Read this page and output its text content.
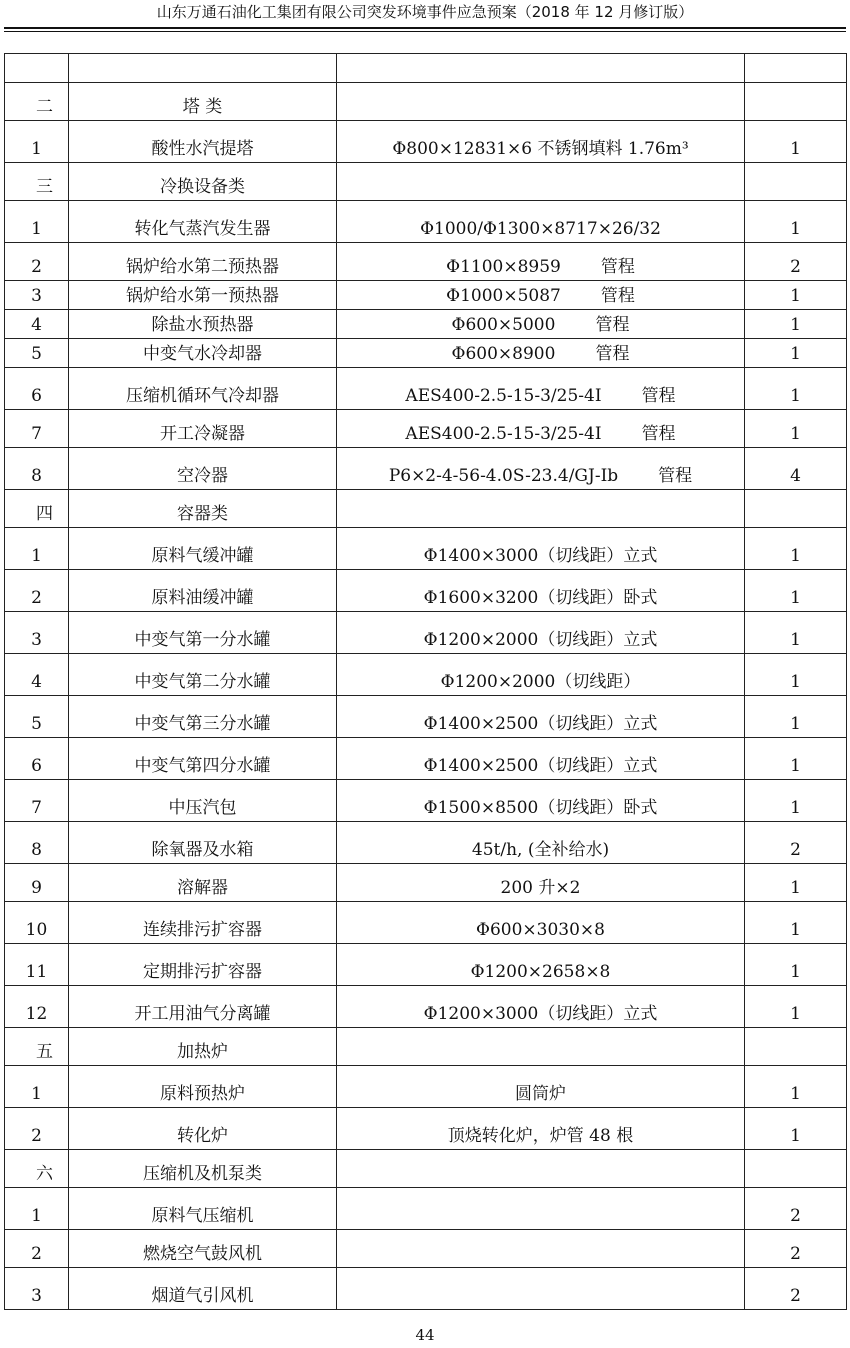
山东万通石油化工集团有限公司突发环境事件应急预案（2018 年 12 月修订版）

二	塔 类		
1	酸性水汽提塔	Φ800×12831×6 不锈钢填料 1.76m³	1
三	冷换设备类		
1	转化气蒸汽发生器	Φ1000/Φ1300×8717×26/32	1
2	锅炉给水第二预热器	Φ1100×8959 管程	2
3	锅炉给水第一预热器	Φ1000×5087 管程	1
4	除盐水预热器	Φ600×5000 管程	1
5	中变气水冷却器	Φ600×8900 管程	1
6	压缩机循环气冷却器	AES400-2.5-15-3/25-4I 管程	1
7	开工冷凝器	AES400-2.5-15-3/25-4I 管程	1
8	空冷器	P6×2-4-56-4.0S-23.4/GJ-Ib 管程	4
四	容器类		
1	原料气缓冲罐	Φ1400×3000（切线距）立式	1
2	原料油缓冲罐	Φ1600×3200（切线距）卧式	1
3	中变气第一分水罐	Φ1200×2000（切线距）立式	1
4	中变气第二分水罐	Φ1200×2000（切线距）	1
5	中变气第三分水罐	Φ1400×2500（切线距）立式	1
6	中变气第四分水罐	Φ1400×2500（切线距）立式	1
7	中压汽包	Φ1500×8500（切线距）卧式	1
8	除氧器及水箱	45t/h, (全补给水)	2
9	溶解器	200 升×2	1
10	连续排污扩容器	Φ600×3030×8	1
11	定期排污扩容器	Φ1200×2658×8	1
12	开工用油气分离罐	Φ1200×3000（切线距）立式	1
五	加热炉		
1	原料预热炉	圆筒炉	1
2	转化炉	顶烧转化炉，炉管 48 根	1
六	压缩机及机泵类		
1	原料气压缩机		2
2	燃烧空气鼓风机		2
3	烟道气引风机		2
44
